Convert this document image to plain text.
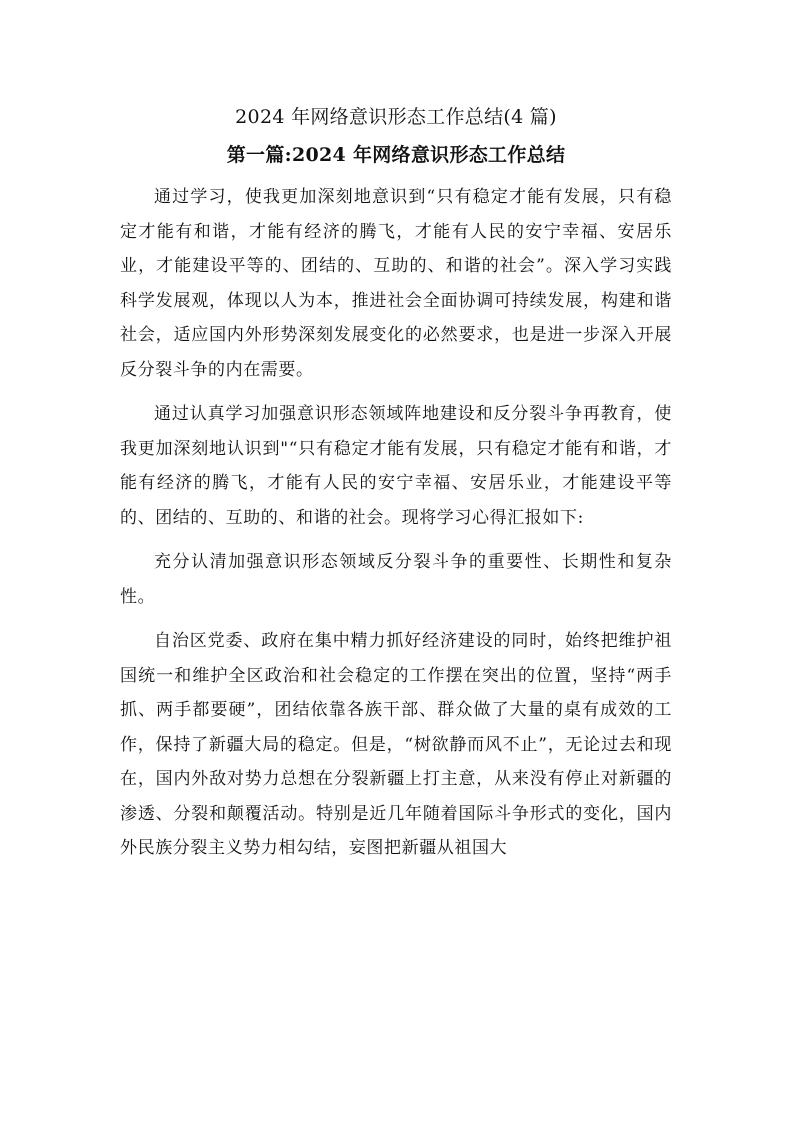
2024 年网络意识形态工作总结(4 篇)
第一篇:2024 年网络意识形态工作总结

通过学习，使我更加深刻地意识到“只有稳定才能有发展，只有稳定才能有和谐，才能有经济的腾飞，才能有人民的安宁幸福、安居乐业，才能建设平等的、团结的、互助的、和谐的社会”。深入学习实践科学发展观，体现以人为本，推进社会全面协调可持续发展，构建和谐社会，适应国内外形势深刻发展变化的必然要求，也是进一步深入开展反分裂斗争的内在需要。

通过认真学习加强意识形态领域阵地建设和反分裂斗争再教育，使我更加深刻地认识到"“只有稳定才能有发展，只有稳定才能有和谐，才能有经济的腾飞，才能有人民的安宁幸福、安居乐业，才能建设平等的、团结的、互助的、和谐的社会。现将学习心得汇报如下:

充分认清加强意识形态领域反分裂斗争的重要性、长期性和复杂性。

自治区党委、政府在集中精力抓好经济建设的同时，始终把维护祖国统一和维护全区政治和社会稳定的工作摆在突出的位置，坚持“两手抓、两手都要硬”，团结依靠各族干部、群众做了大量的桌有成效的工作，保持了新疆大局的稳定。但是，“树欲静而风不止”，无论过去和现在，国内外敌对势力总想在分裂新疆上打主意，从来没有停止对新疆的渗透、分裂和颠覆活动。特别是近几年随着国际斗争形式的变化，国内外民族分裂主义势力相勾结，妄图把新疆从祖国大
